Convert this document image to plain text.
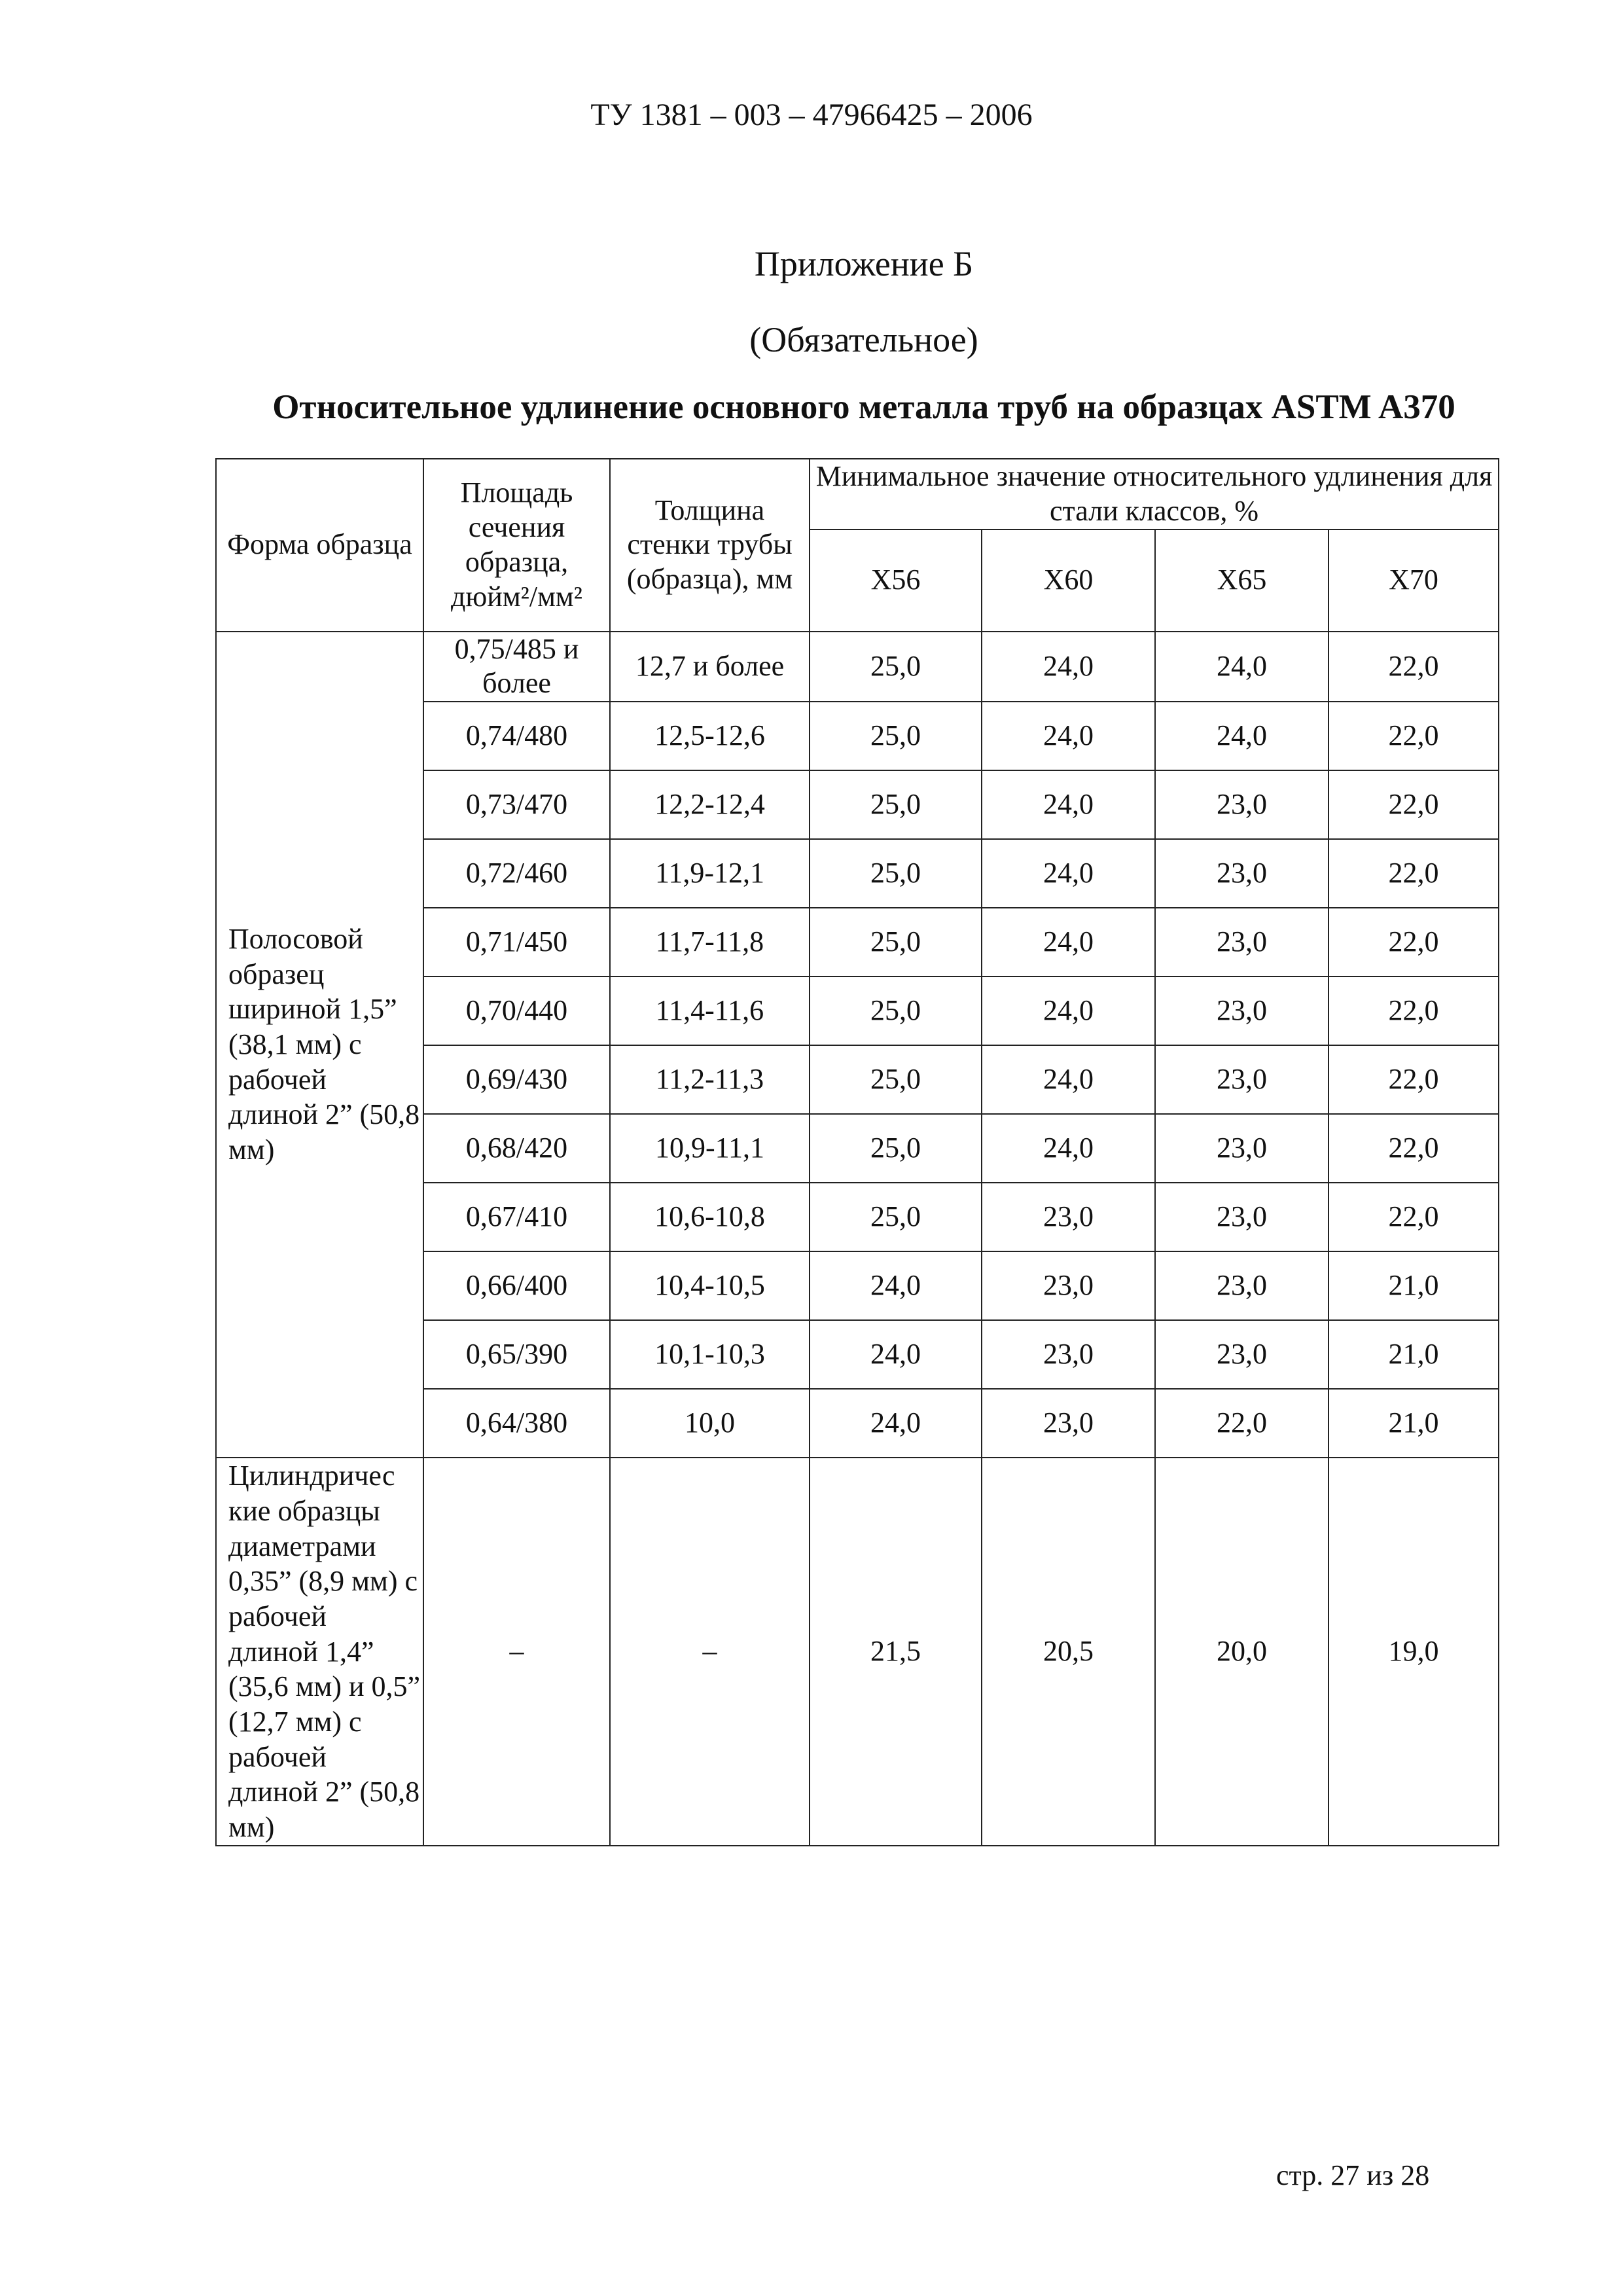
ТУ 1381 – 003 – 47966425 – 2006
Приложение Б
(Обязательное)
Относительное удлинение основного металла труб на образцах ASTM A370
Форма образца	Площадь сечения образца, дюйм²/мм²	Толщина стенки трубы (образца), мм	Минимальное значение относительного удлинения для стали классов, %			
			X56	X60	X65	X70
Полосовой образец шириной 1,5” (38,1 мм) с рабочей длиной 2” (50,8 мм)	0,75/485 и более	12,7 и более	25,0	24,0	24,0	22,0
	0,74/480	12,5-12,6	25,0	24,0	24,0	22,0
	0,73/470	12,2-12,4	25,0	24,0	23,0	22,0
	0,72/460	11,9-12,1	25,0	24,0	23,0	22,0
	0,71/450	11,7-11,8	25,0	24,0	23,0	22,0
	0,70/440	11,4-11,6	25,0	24,0	23,0	22,0
	0,69/430	11,2-11,3	25,0	24,0	23,0	22,0
	0,68/420	10,9-11,1	25,0	24,0	23,0	22,0
	0,67/410	10,6-10,8	25,0	23,0	23,0	22,0
	0,66/400	10,4-10,5	24,0	23,0	23,0	21,0
	0,65/390	10,1-10,3	24,0	23,0	23,0	21,0
	0,64/380	10,0	24,0	23,0	22,0	21,0
Цилиндричес кие образцы диаметрами 0,35” (8,9 мм) с рабочей длиной 1,4” (35,6 мм) и 0,5” (12,7 мм) с рабочей длиной 2” (50,8 мм)	–	–	21,5	20,5	20,0	19,0
стр. 27 из 28
